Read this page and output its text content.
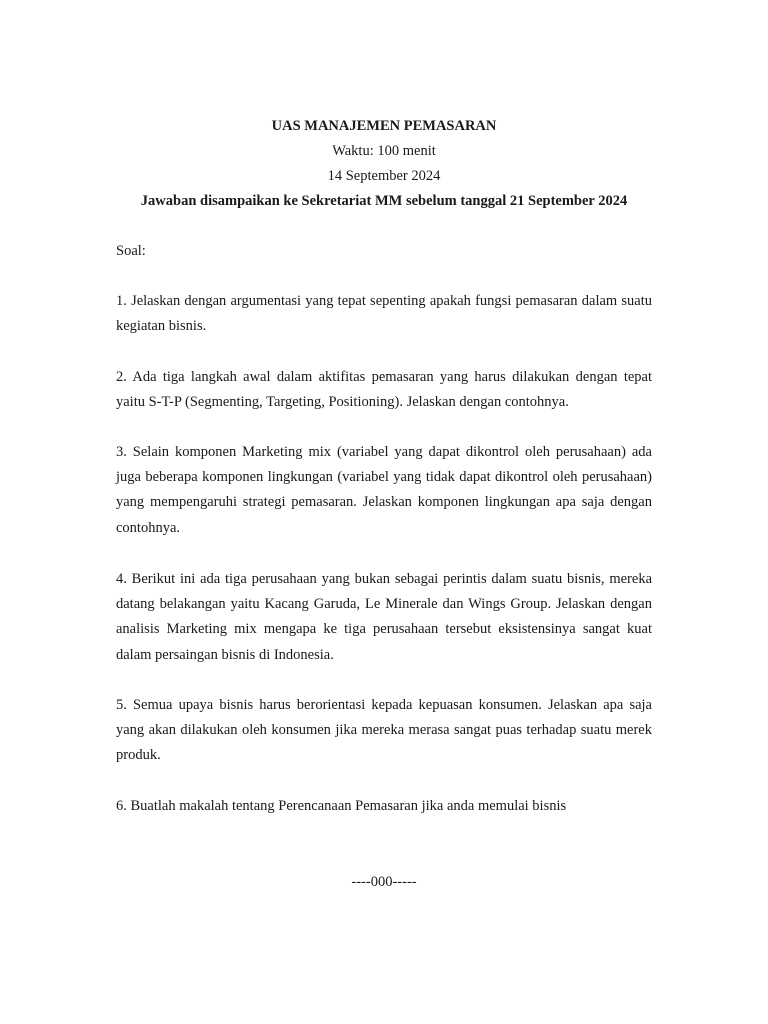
UAS MANAJEMEN PEMASARAN
Waktu: 100 menit
14 September 2024
Jawaban disampaikan ke Sekretariat MM sebelum tanggal 21 September 2024
Soal:

1. Jelaskan dengan argumentasi yang tepat sepenting apakah fungsi pemasaran dalam suatu kegiatan bisnis.

2. Ada tiga langkah awal dalam aktifitas pemasaran yang harus dilakukan dengan tepat yaitu S-T-P (Segmenting, Targeting, Positioning). Jelaskan dengan contohnya.

3. Selain komponen Marketing mix (variabel yang dapat dikontrol oleh perusahaan) ada juga beberapa komponen lingkungan (variabel yang tidak dapat dikontrol oleh perusahaan) yang mempengaruhi strategi pemasaran. Jelaskan komponen lingkungan apa saja dengan contohnya.

4. Berikut ini ada tiga perusahaan yang bukan sebagai perintis dalam suatu bisnis, mereka datang belakangan yaitu Kacang Garuda, Le Minerale dan Wings Group. Jelaskan dengan analisis Marketing mix mengapa ke tiga perusahaan tersebut eksistensinya sangat kuat dalam persaingan bisnis di Indonesia.

5. Semua upaya bisnis harus berorientasi kepada kepuasan konsumen. Jelaskan apa saja yang akan dilakukan oleh konsumen jika mereka merasa sangat puas terhadap suatu merek produk.

6. Buatlah makalah tentang Perencanaan Pemasaran jika anda memulai bisnis

----000-----
